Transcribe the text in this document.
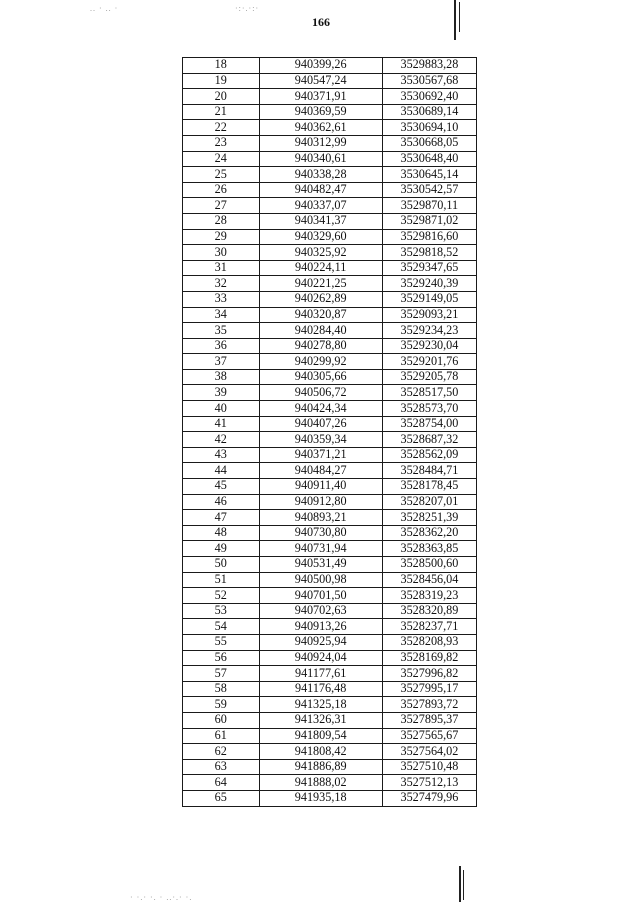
166
.. · .. ·	·:·.·:·
· ·.· ·. · ..·.· ·.
18	940399,26	3529883,28
19	940547,24	3530567,68
20	940371,91	3530692,40
21	940369,59	3530689,14
22	940362,61	3530694,10
23	940312,99	3530668,05
24	940340,61	3530648,40
25	940338,28	3530645,14
26	940482,47	3530542,57
27	940337,07	3529870,11
28	940341,37	3529871,02
29	940329,60	3529816,60
30	940325,92	3529818,52
31	940224,11	3529347,65
32	940221,25	3529240,39
33	940262,89	3529149,05
34	940320,87	3529093,21
35	940284,40	3529234,23
36	940278,80	3529230,04
37	940299,92	3529201,76
38	940305,66	3529205,78
39	940506,72	3528517,50
40	940424,34	3528573,70
41	940407,26	3528754,00
42	940359,34	3528687,32
43	940371,21	3528562,09
44	940484,27	3528484,71
45	940911,40	3528178,45
46	940912,80	3528207,01
47	940893,21	3528251,39
48	940730,80	3528362,20
49	940731,94	3528363,85
50	940531,49	3528500,60
51	940500,98	3528456,04
52	940701,50	3528319,23
53	940702,63	3528320,89
54	940913,26	3528237,71
55	940925,94	3528208,93
56	940924,04	3528169,82
57	941177,61	3527996,82
58	941176,48	3527995,17
59	941325,18	3527893,72
60	941326,31	3527895,37
61	941809,54	3527565,67
62	941808,42	3527564,02
63	941886,89	3527510,48
64	941888,02	3527512,13
65	941935,18	3527479,96
